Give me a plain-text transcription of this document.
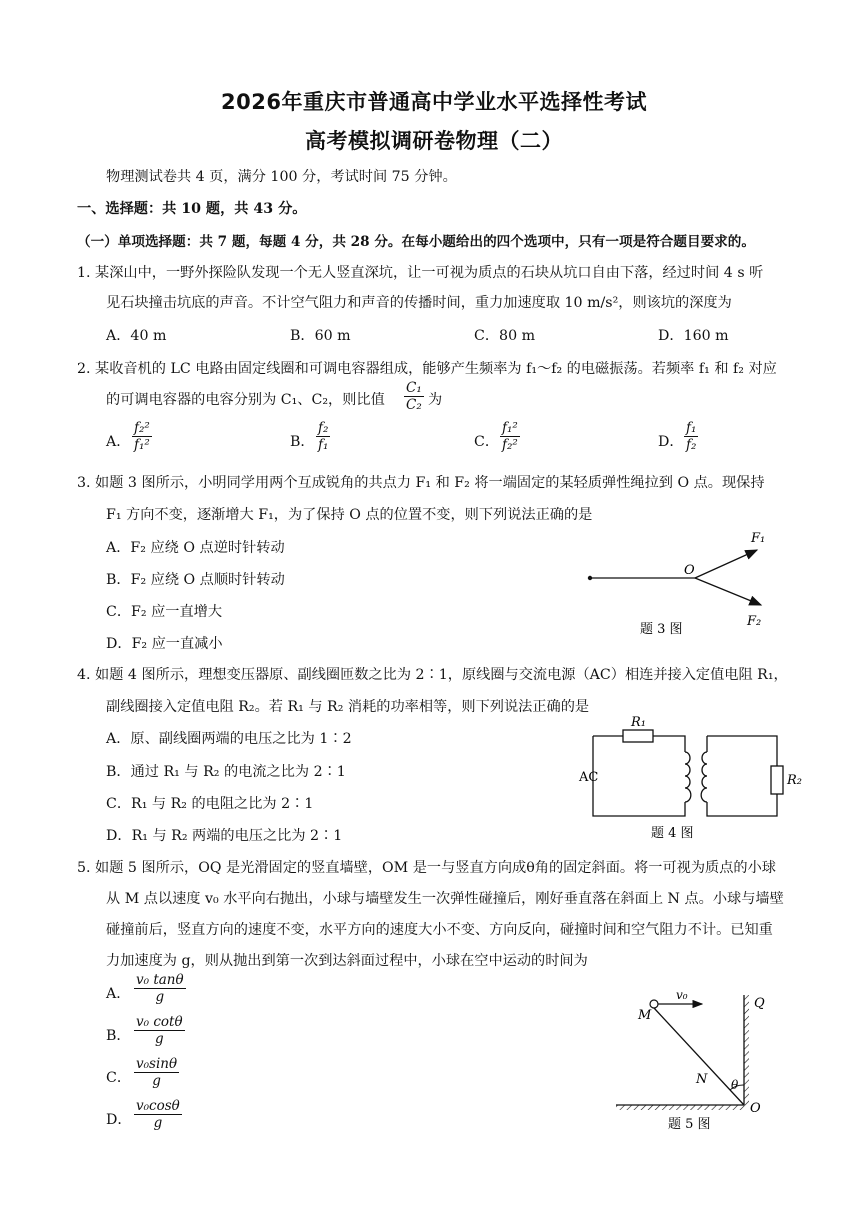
2026年重庆市普通高中学业水平选择性考试
高考模拟调研卷物理（二）
物理测试卷共 4 页，满分 100 分，考试时间 75 分钟。
一、选择题：共 10 题，共 43 分。
（一）单项选择题：共 7 题，每题 4 分，共 28 分。在每小题给出的四个选项中，只有一项是符合题目要求的。
1. 某深山中，一野外探险队发现一个无人竖直深坑，让一可视为质点的石块从坑口自由下落，经过时间 4 s 听
见石块撞击坑底的声音。不计空气阻力和声音的传播时间，重力加速度取 10 m/s²，则该坑的深度为
A．40 m	B．60 m	C．80 m	D．160 m
2. 某收音机的 LC 电路由固定线圈和可调电容器组成，能够产生频率为 f₁～f₂ 的电磁振荡。若频率 f₁ 和 f₂ 对应
的可调电容器的电容分别为 C₁、C₂，则比值 $\frac{\text{C₁}}{\text{C₂}}$ 为
A． $\frac{\text{f₂²}}{\text{f₁²}}$	B． $\frac{\text{f₂}}{\text{f₁}}$	C． $\frac{\text{f₁²}}{\text{f₂²}}$	D． $\frac{\text{f₁}}{\text{f₂}}$
3. 如题 3 图所示，小明同学用两个互成锐角的共点力 F₁ 和 F₂ 将一端固定的某轻质弹性绳拉到 O 点。现保持
F₁ 方向不变，逐渐增大 F₁，为了保持 O 点的位置不变，则下列说法正确的是
A．F₂ 应绕 O 点逆时针转动
B．F₂ 应绕 O 点顺时针转动
C．F₂ 应一直增大
D．F₂ 应一直减小
O
F₁
F₂
题 3 图
4. 如题 4 图所示，理想变压器原、副线圈匝数之比为 2∶1，原线圈与交流电源（AC）相连并接入定值电阻 R₁，
副线圈接入定值电阻 R₂。若 R₁ 与 R₂ 消耗的功率相等，则下列说法正确的是
A．原、副线圈两端的电压之比为 1∶2
B．通过 R₁ 与 R₂ 的电流之比为 2∶1
C．R₁ 与 R₂ 的电阻之比为 2∶1
D．R₁ 与 R₂ 两端的电压之比为 2∶1
AC
R₁
R₂
题 4 图
5. 如题 5 图所示，OQ 是光滑固定的竖直墙壁，OM 是一与竖直方向成θ角的固定斜面。将一可视为质点的小球
从 M 点以速度 v₀ 水平向右抛出，小球与墙壁发生一次弹性碰撞后，刚好垂直落在斜面上 N 点。小球与墙壁
碰撞前后，竖直方向的速度不变，水平方向的速度大小不变、方向反向，碰撞时间和空气阻力不计。已知重
力加速度为 g，则从抛出到第一次到达斜面过程中，小球在空中运动的时间为
A． $\frac{\text{v₀ tanθ}}{g}$
B． $\frac{\text{v₀ cotθ}}{g}$
C． $\frac{\text{v₀sinθ}}{g}$
D． $\frac{\text{v₀cosθ}}{g}$
M
v₀
Q
N θ
O
题 5 图
